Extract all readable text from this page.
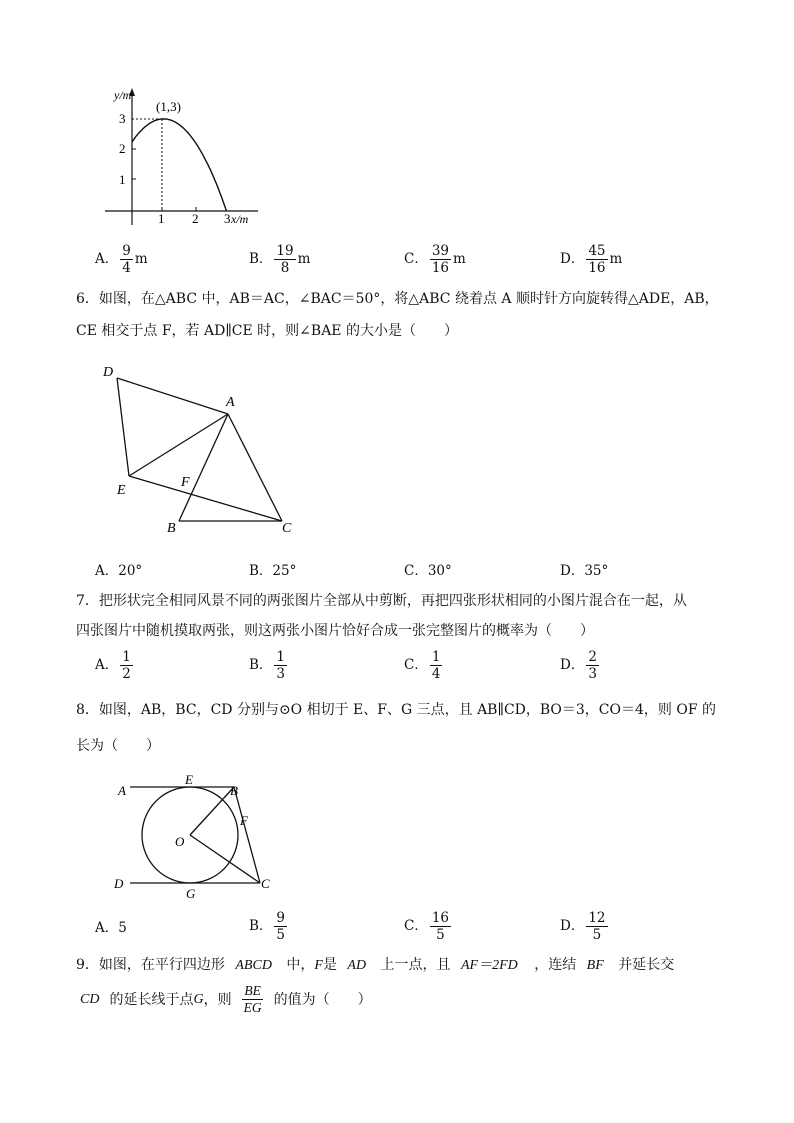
y/m
(1,3)
3
2
1
1 2 3 x/m
A． $\frac{9}{4}$ m	B． $\frac{19}{8}$ m	C． $\frac{39}{16}$ m	D． $\frac{45}{16}$ m
6．如图，在△ABC 中，AB＝AC，∠BAC＝50°，将△ABC 绕着点 A 顺时针方向旋转得△ADE，AB，
CE 相交于点 F，若 AD∥CE 时，则∠BAE 的大小是（　　）
D
A
E
F
B	C
A．20°	B．25°	C．30°	D．35°
7．把形状完全相同风景不同的两张图片全部从中剪断，再把四张形状相同的小图片混合在一起，从
四张图片中随机摸取两张，则这两张小图片恰好合成一张完整图片的概率为（　　）
A． $\frac{1}{2}$	B． $\frac{1}{3}$	C． $\frac{1}{4}$	D． $\frac{2}{3}$
8．如图，AB，BC，CD 分别与⊙O 相切于 E、F、G 三点，且 AB∥CD，BO＝3，CO＝4，则 OF 的
长为（　　）
A
E
B
F
O
D
G
C
A．5	B． $\frac{9}{5}$	C． $\frac{16}{5}$	D． $\frac{12}{5}$
9．如图，在平行四边形 ABCD 中，F是 AD 上一点，且 AF＝2FD ，连结 BF 并延长交
CD 的延长线于点 G ，则 $\frac{BE}{EG}$ 的值为（　　）
